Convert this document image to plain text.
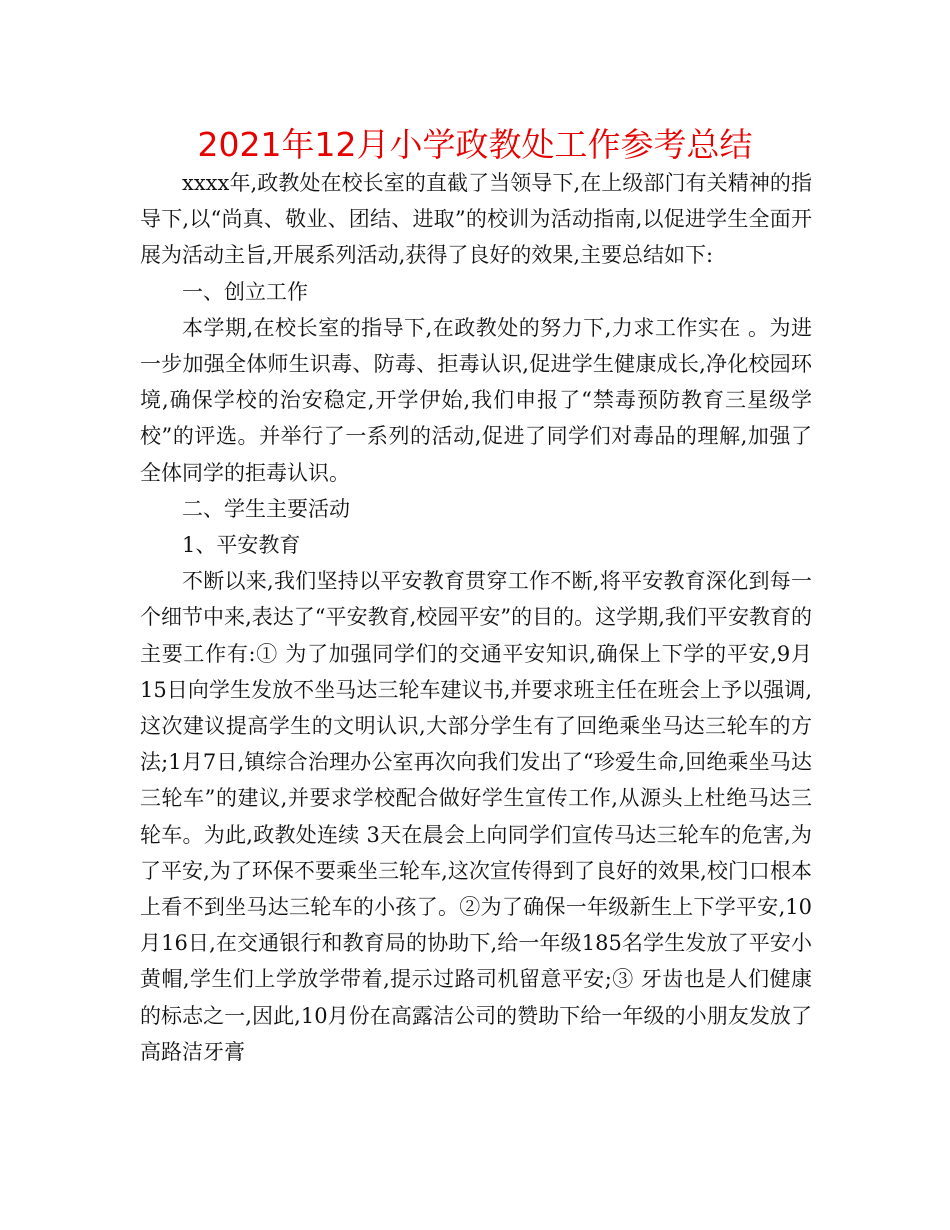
2021年12月小学政教处工作参考总结

xxxx年,政教处在校长室的直截了当领导下,在上级部门有关精神的指导下,以“尚真、敬业、团结、进取”的校训为活动指南,以促进学生全面开展为活动主旨,开展系列活动,获得了良好的效果,主要总结如下:

一、创立工作

本学期,在校长室的指导下,在政教处的努力下,力求工作实在 。为进一步加强全体师生识毒、防毒、拒毒认识,促进学生健康成长,净化校园环境,确保学校的治安稳定,开学伊始,我们申报了“禁毒预防教育三星级学校”的评选。并举行了一系列的活动,促进了同学们对毒品的理解,加强了全体同学的拒毒认识。

二、学生主要活动

1、平安教育

不断以来,我们坚持以平安教育贯穿工作不断,将平安教育深化到每一个细节中来,表达了“平安教育,校园平安”的目的。这学期,我们平安教育的主要工作有:① 为了加强同学们的交通平安知识,确保上下学的平安,9月15日向学生发放不坐马达三轮车建议书,并要求班主任在班会上予以强调,这次建议提高学生的文明认识,大部分学生有了回绝乘坐马达三轮车的方法;1月7日,镇综合治理办公室再次向我们发出了“珍爱生命,回绝乘坐马达三轮车”的建议,并要求学校配合做好学生宣传工作,从源头上杜绝马达三轮车。为此,政教处连续 3天在晨会上向同学们宣传马达三轮车的危害,为了平安,为了环保不要乘坐三轮车,这次宣传得到了良好的效果,校门口根本上看不到坐马达三轮车的小孩了。②为了确保一年级新生上下学平安,10月16日,在交通银行和教育局的协助下,给一年级185名学生发放了平安小黄帽,学生们上学放学带着,提示过路司机留意平安;③ 牙齿也是人们健康的标志之一,因此,10月份在高露洁公司的赞助下给一年级的小朋友发放了高路洁牙膏
